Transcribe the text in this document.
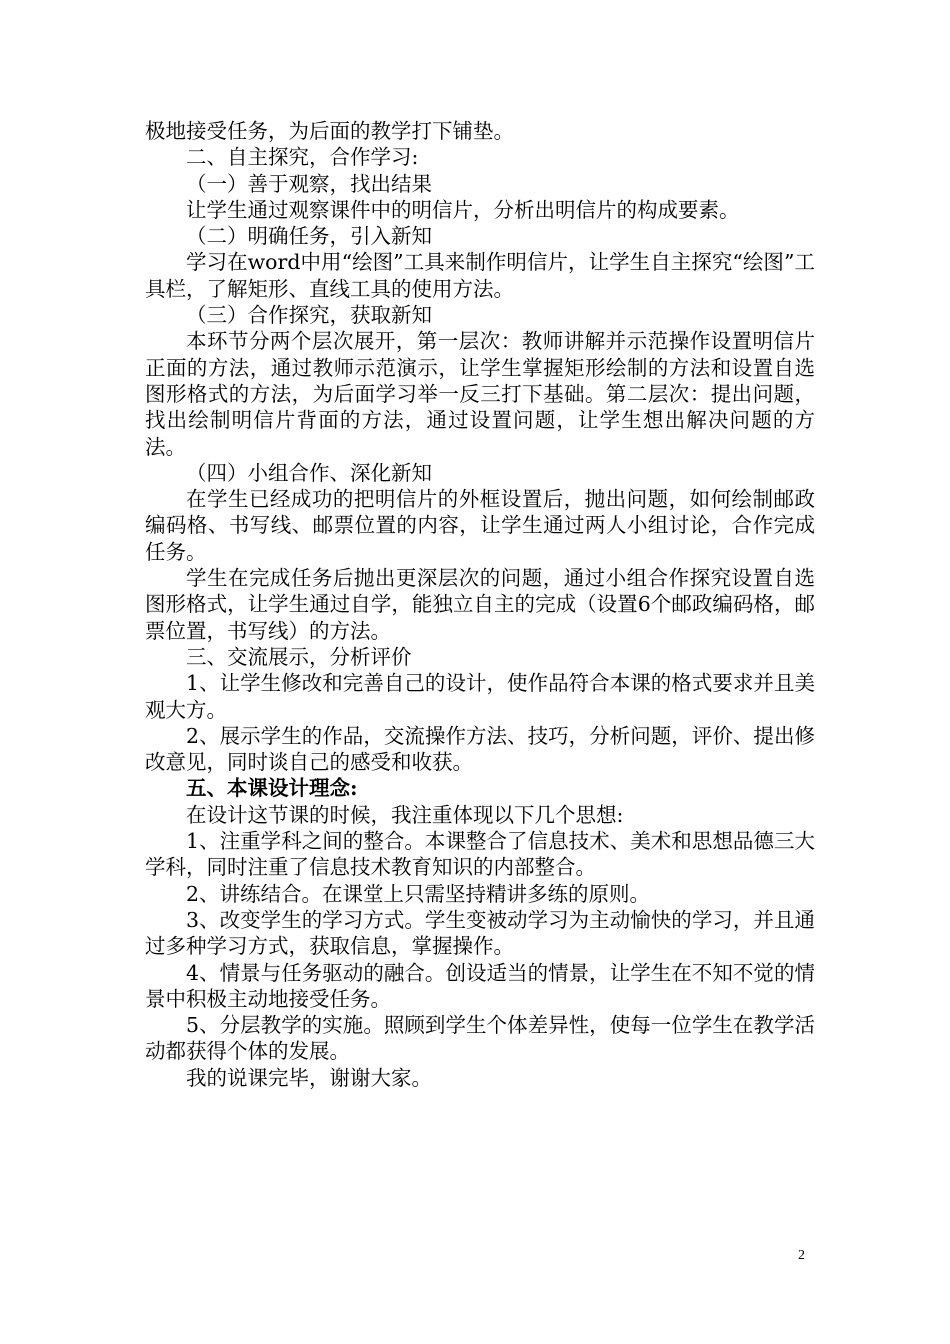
极地接受任务，为后面的教学打下铺垫。

二、自主探究，合作学习:

（一）善于观察，找出结果

让学生通过观察课件中的明信片，分析出明信片的构成要素。

（二）明确任务，引入新知

学习在word中用“绘图”工具来制作明信片，让学生自主探究“绘图”工具栏，了解矩形、直线工具的使用方法。

（三）合作探究，获取新知

本环节分两个层次展开，第一层次：教师讲解并示范操作设置明信片正面的方法，通过教师示范演示，让学生掌握矩形绘制的方法和设置自选图形格式的方法，为后面学习举一反三打下基础。第二层次：提出问题，找出绘制明信片背面的方法，通过设置问题，让学生想出解决问题的方法。

（四）小组合作、深化新知

在学生已经成功的把明信片的外框设置后，抛出问题，如何绘制邮政编码格、书写线、邮票位置的内容，让学生通过两人小组讨论，合作完成任务。

学生在完成任务后抛出更深层次的问题，通过小组合作探究设置自选图形格式，让学生通过自学，能独立自主的完成（设置6个邮政编码格，邮票位置，书写线）的方法。

三、交流展示，分析评价

1、让学生修改和完善自己的设计，使作品符合本课的格式要求并且美观大方。

2、展示学生的作品，交流操作方法、技巧，分析问题，评价、提出修改意见，同时谈自己的感受和收获。

五、本课设计理念:

在设计这节课的时候，我注重体现以下几个思想:

1、注重学科之间的整合。本课整合了信息技术、美术和思想品德三大学科，同时注重了信息技术教育知识的内部整合。

2、讲练结合。在课堂上只需坚持精讲多练的原则。

3、改变学生的学习方式。学生变被动学习为主动愉快的学习，并且通过多种学习方式，获取信息，掌握操作。

4、情景与任务驱动的融合。创设适当的情景，让学生在不知不觉的情景中积极主动地接受任务。

5、分层教学的实施。照顾到学生个体差异性，使每一位学生在教学活动都获得个体的发展。

我的说课完毕，谢谢大家。

2
